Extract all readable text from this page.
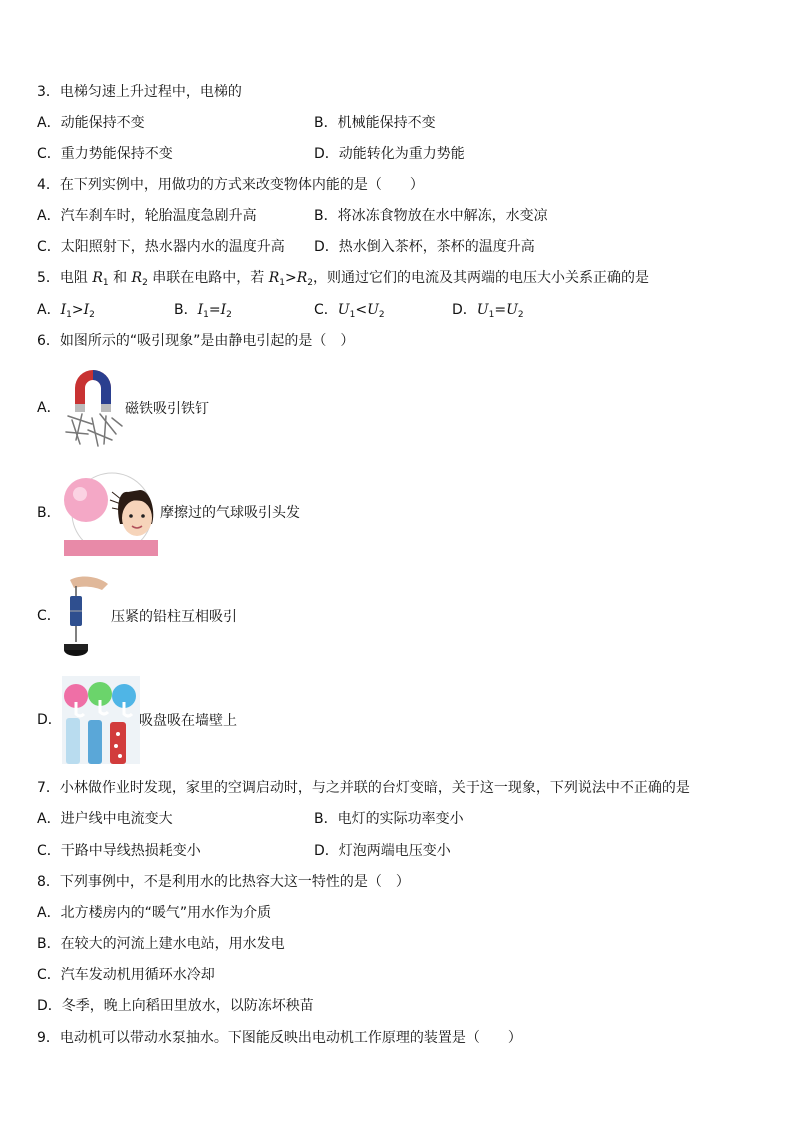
3．电梯匀速上升过程中，电梯的
A．动能保持不变	B．机械能保持不变
C．重力势能保持不变	D．动能转化为重力势能
4．在下列实例中，用做功的方式来改变物体内能的是（　　）
A．汽车刹车时，轮胎温度急剧升高	B．将冰冻食物放在水中解冻，水变凉
C．太阳照射下，热水器内水的温度升高 D．热水倒入茶杯，茶杯的温度升高
5．电阻 $R_1$ 和 $R_2$ 串联在电路中，若 $R_1>R_2$，则通过它们的电流及其两端的电压大小关系正确的是
A．$I_1>I_2$	B．$I_1=I_2$	C．$U_1<U_2$	D．$U_1=U_2$
6．如图所示的“吸引现象”是由静电引起的是（　）
A．	磁铁吸引铁钉
B．	摩擦过的气球吸引头发
C．	压紧的铅柱互相吸引
D．	吸盘吸在墙壁上
7．小林做作业时发现，家里的空调启动时，与之并联的台灯变暗，关于这一现象，下列说法中不正确的是
A．进户线中电流变大	B．电灯的实际功率变小
C．干路中导线热损耗变小	D．灯泡两端电压变小
8．下列事例中，不是利用水的比热容大这一特性的是（　）
A．北方楼房内的“暖气”用水作为介质
B．在较大的河流上建水电站，用水发电
C．汽车发动机用循环水冷却
D．冬季，晚上向稻田里放水，以防冻坏秧苗
9．电动机可以带动水泵抽水。下图能反映出电动机工作原理的装置是（　　）
